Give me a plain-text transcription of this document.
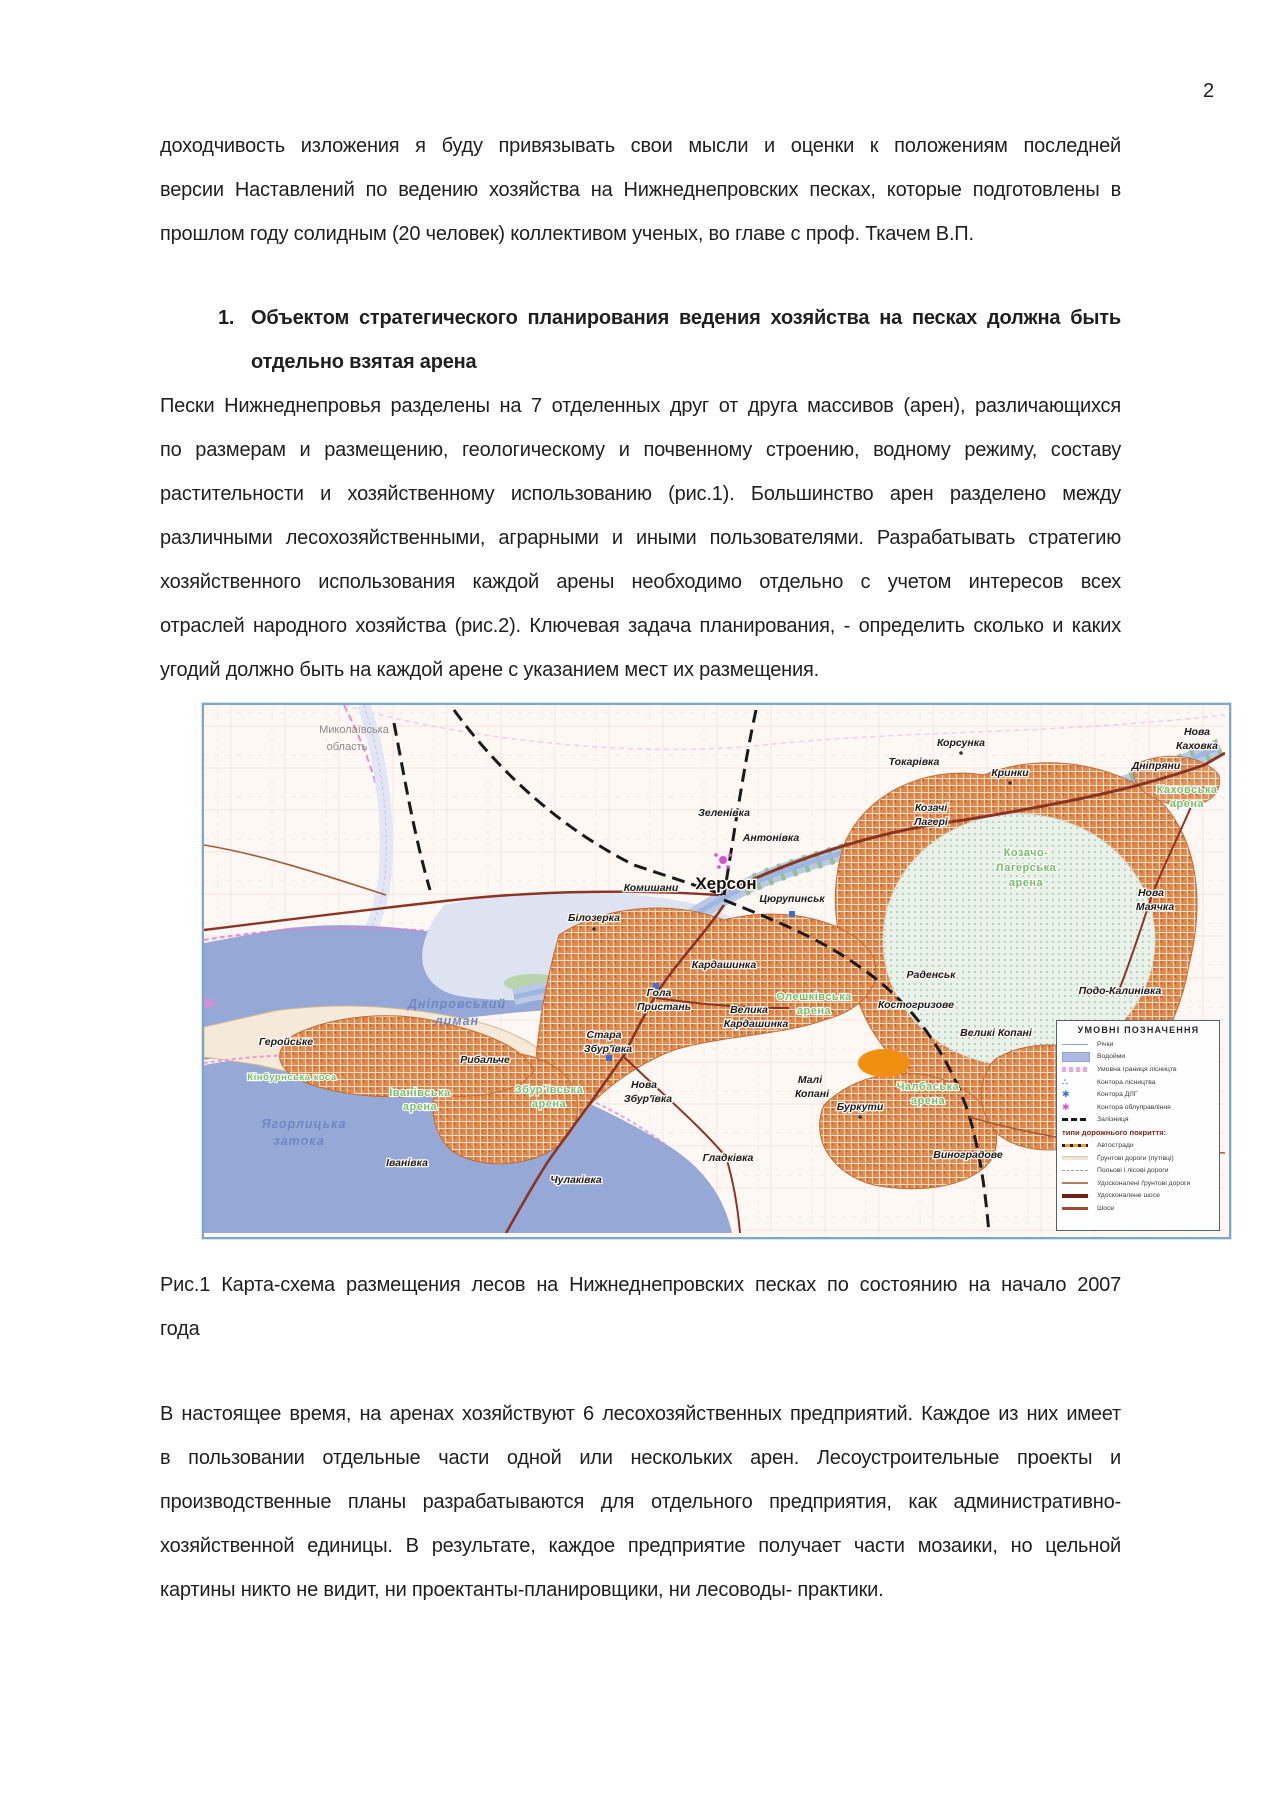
2
доходчивость изложения я буду привязывать свои мысли и оценки к положениям последней
версии Наставлений по ведению хозяйства на Нижнеднепровских песках, которые подготовлены в
прошлом году солидным (20 человек) коллективом ученых, во главе с проф. Ткачем В.П.
1. Объектом стратегического планирования ведения хозяйства на песках должна быть
отдельно взятая арена
Пески Нижнеднепровья разделены на 7 отделенных друг от друга массивов (арен), различающихся
по размерам и размещению, геологическому и почвенному строению, водному режиму, составу
растительности и хозяйственному использованию (рис.1). Большинство арен разделено между
различными лесохозяйственными, аграрными и иными пользователями. Разрабатывать стратегию
хозяйственного использования каждой арены необходимо отдельно с учетом интересов всех
отраслей народного хозяйства (рис.2). Ключевая задача планирования, - определить сколько и каких
угодий должно быть на каждой арене с указанием мест их размещения.
Миколаївська
область	Корсунка
Нова
Каховка
Дніпряни
Токарівка
Кринки
Козачі
Лагері
Зеленівка
Антонівка
Херсон
Цюрупинськ
Комишани
Білозерка
Кардашинка
Раденськ
Костогризове
Гола
Пристань	Велика
Кардашинка
Стара
Збур'ївка
Нова
Збур'ївка
Малі
Копані
Буркути
Виноградове
Гладківка
Чулаківка
Іванівка
Геройське
Рибальче
Нова
Маячка
Подо-Калинівка
Великі Копані
Каховська
арена
Козачо-
Лагерська
арена
Олешківська
арена
Збур'ївська
арена
Чалбаська
арена
Іванівська
арена
Кінбурнська коса
Дніпровський
лиман
Ягорлицька
затока
УМОВНІ ПОЗНАЧЕННЯ
Річки
Водойми
Умовна границя лісництв
∴	Контора лісництва
✱	Контора ДЛГ
✱	Контора облуправління
Залізниця
типи дорожнього покриття:
Автостради
Ґрунтові дороги (путівці)
Польові і лісові дороги
Удосконалені ґрунтові дороги
Удосконалене шосе
Шосе
Рис.1 Карта-схема размещения лесов на Нижнеднепровских песках по состоянию на начало 2007
года
В настоящее время, на аренах хозяйствуют 6 лесохозяйственных предприятий. Каждое из них имеет
в пользовании отдельные части одной или нескольких арен. Лесоустроительные проекты и
производственные планы разрабатываются для отдельного предприятия, как административно-
хозяйственной единицы. В результате, каждое предприятие получает части мозаики, но цельной
картины никто не видит, ни проектанты-планировщики, ни лесоводы- практики.
